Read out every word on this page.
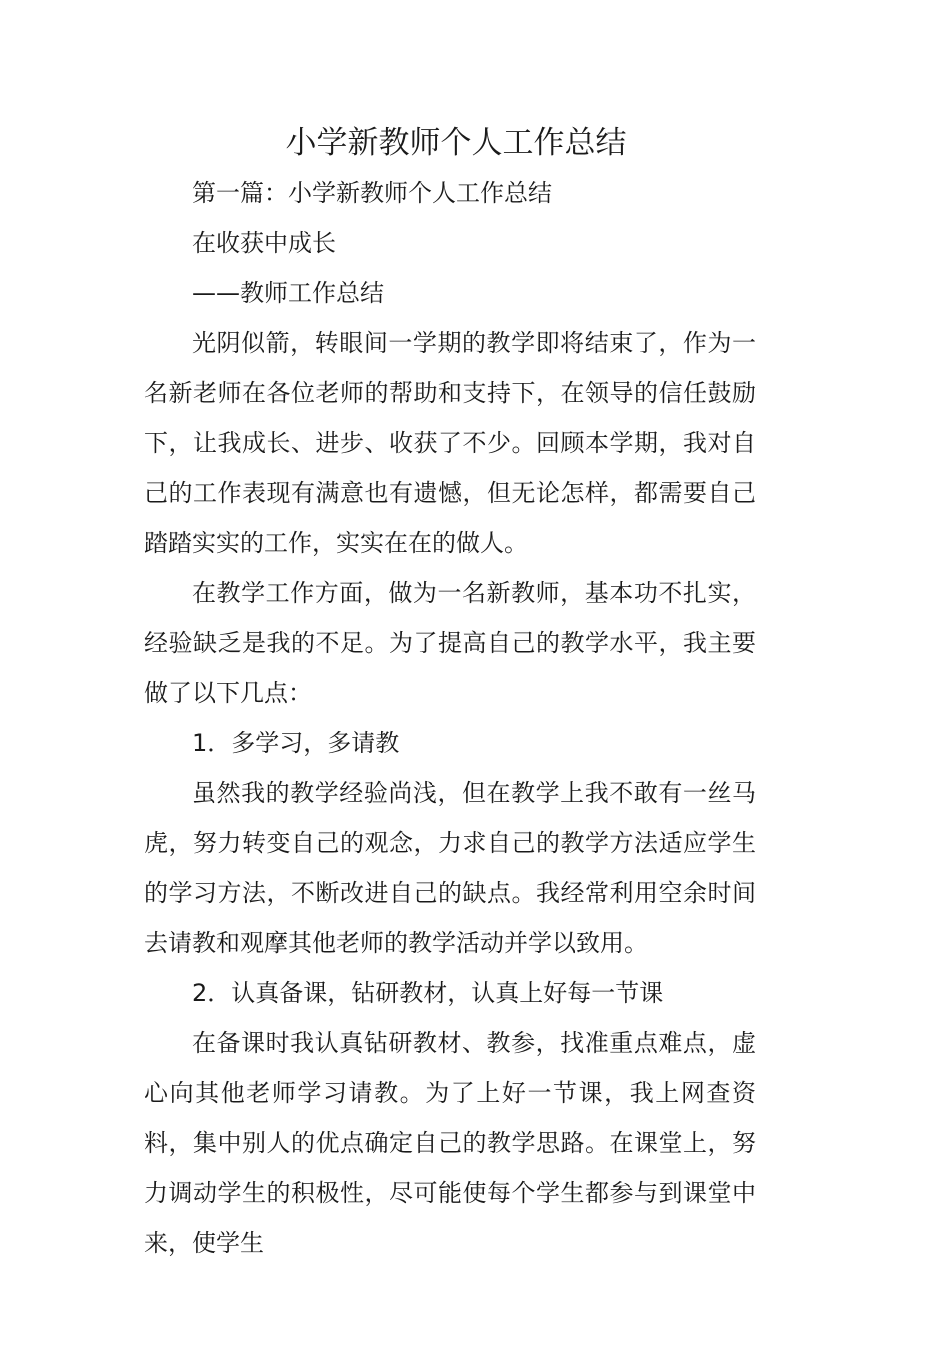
小学新教师个人工作总结

第一篇：小学新教师个人工作总结

在收获中成长

——教师工作总结

光阴似箭，转眼间一学期的教学即将结束了，作为一名新老师在各位老师的帮助和支持下，在领导的信任鼓励下，让我成长、进步、收获了不少。回顾本学期，我对自己的工作表现有满意也有遗憾，但无论怎样，都需要自己踏踏实实的工作，实实在在的做人。

在教学工作方面，做为一名新教师，基本功不扎实，经验缺乏是我的不足。为了提高自己的教学水平，我主要做了以下几点：

1．多学习，多请教

虽然我的教学经验尚浅，但在教学上我不敢有一丝马虎，努力转变自己的观念，力求自己的教学方法适应学生的学习方法，不断改进自己的缺点。我经常利用空余时间去请教和观摩其他老师的教学活动并学以致用。

2．认真备课，钻研教材，认真上好每一节课

在备课时我认真钻研教材、教参，找准重点难点，虚心向其他老师学习请教。为了上好一节课，我上网查资料，集中别人的优点确定自己的教学思路。在课堂上，努力调动学生的积极性，尽可能使每个学生都参与到课堂中来，使学生
